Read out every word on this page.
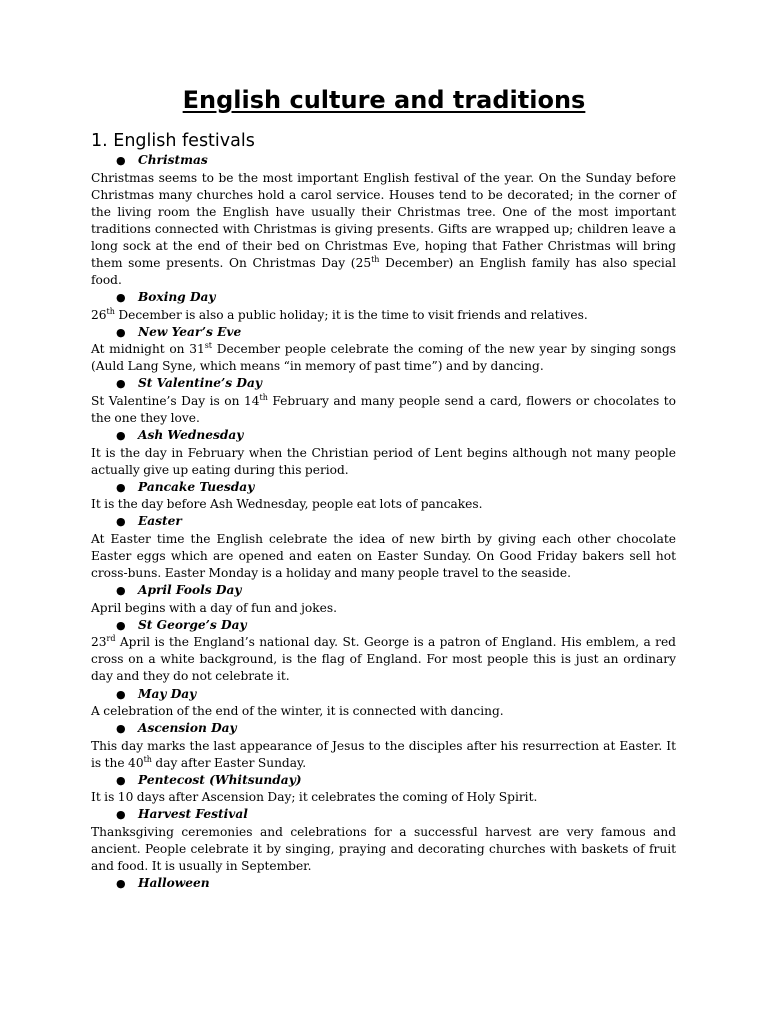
English culture and traditions
1. English festivals
● Christmas
Christmas seems to be the most important English festival of the year. On the Sunday before Christmas many churches hold a carol service. Houses tend to be decorated; in the corner of the living room the English have usually their Christmas tree. One of the most important traditions connected with Christmas is giving presents. Gifts are wrapped up; children leave a long sock at the end of their bed on Christmas Eve, hoping that Father Christmas will bring them some presents. On Christmas Day (25th December) an English family has also special food.
● Boxing Day
26th December is also a public holiday; it is the time to visit friends and relatives.
● New Year’s Eve
At midnight on 31st December people celebrate the coming of the new year by singing songs (Auld Lang Syne, which means “in memory of past time”) and by dancing.
● St Valentine’s Day
St Valentine’s Day is on 14th February and many people send a card, flowers or chocolates to the one they love.
● Ash Wednesday
It is the day in February when the Christian period of Lent begins although not many people actually give up eating during this period.
● Pancake Tuesday
It is the day before Ash Wednesday, people eat lots of pancakes.
● Easter
At Easter time the English celebrate the idea of new birth by giving each other chocolate Easter eggs which are opened and eaten on Easter Sunday. On Good Friday bakers sell hot cross-buns. Easter Monday is a holiday and many people travel to the seaside.
● April Fools Day
April begins with a day of fun and jokes.
● St George’s Day
23rd April is the England’s national day. St. George is a patron of England. His emblem, a red cross on a white background, is the flag of England. For most people this is just an ordinary day and they do not celebrate it.
● May Day
A celebration of the end of the winter, it is connected with dancing.
● Ascension Day
This day marks the last appearance of Jesus to the disciples after his resurrection at Easter. It is the 40th day after Easter Sunday.
● Pentecost (Whitsunday)
It is 10 days after Ascension Day; it celebrates the coming of Holy Spirit.
● Harvest Festival
Thanksgiving ceremonies and celebrations for a successful harvest are very famous and ancient. People celebrate it by singing, praying and decorating churches with baskets of fruit and food. It is usually in September.
● Halloween
